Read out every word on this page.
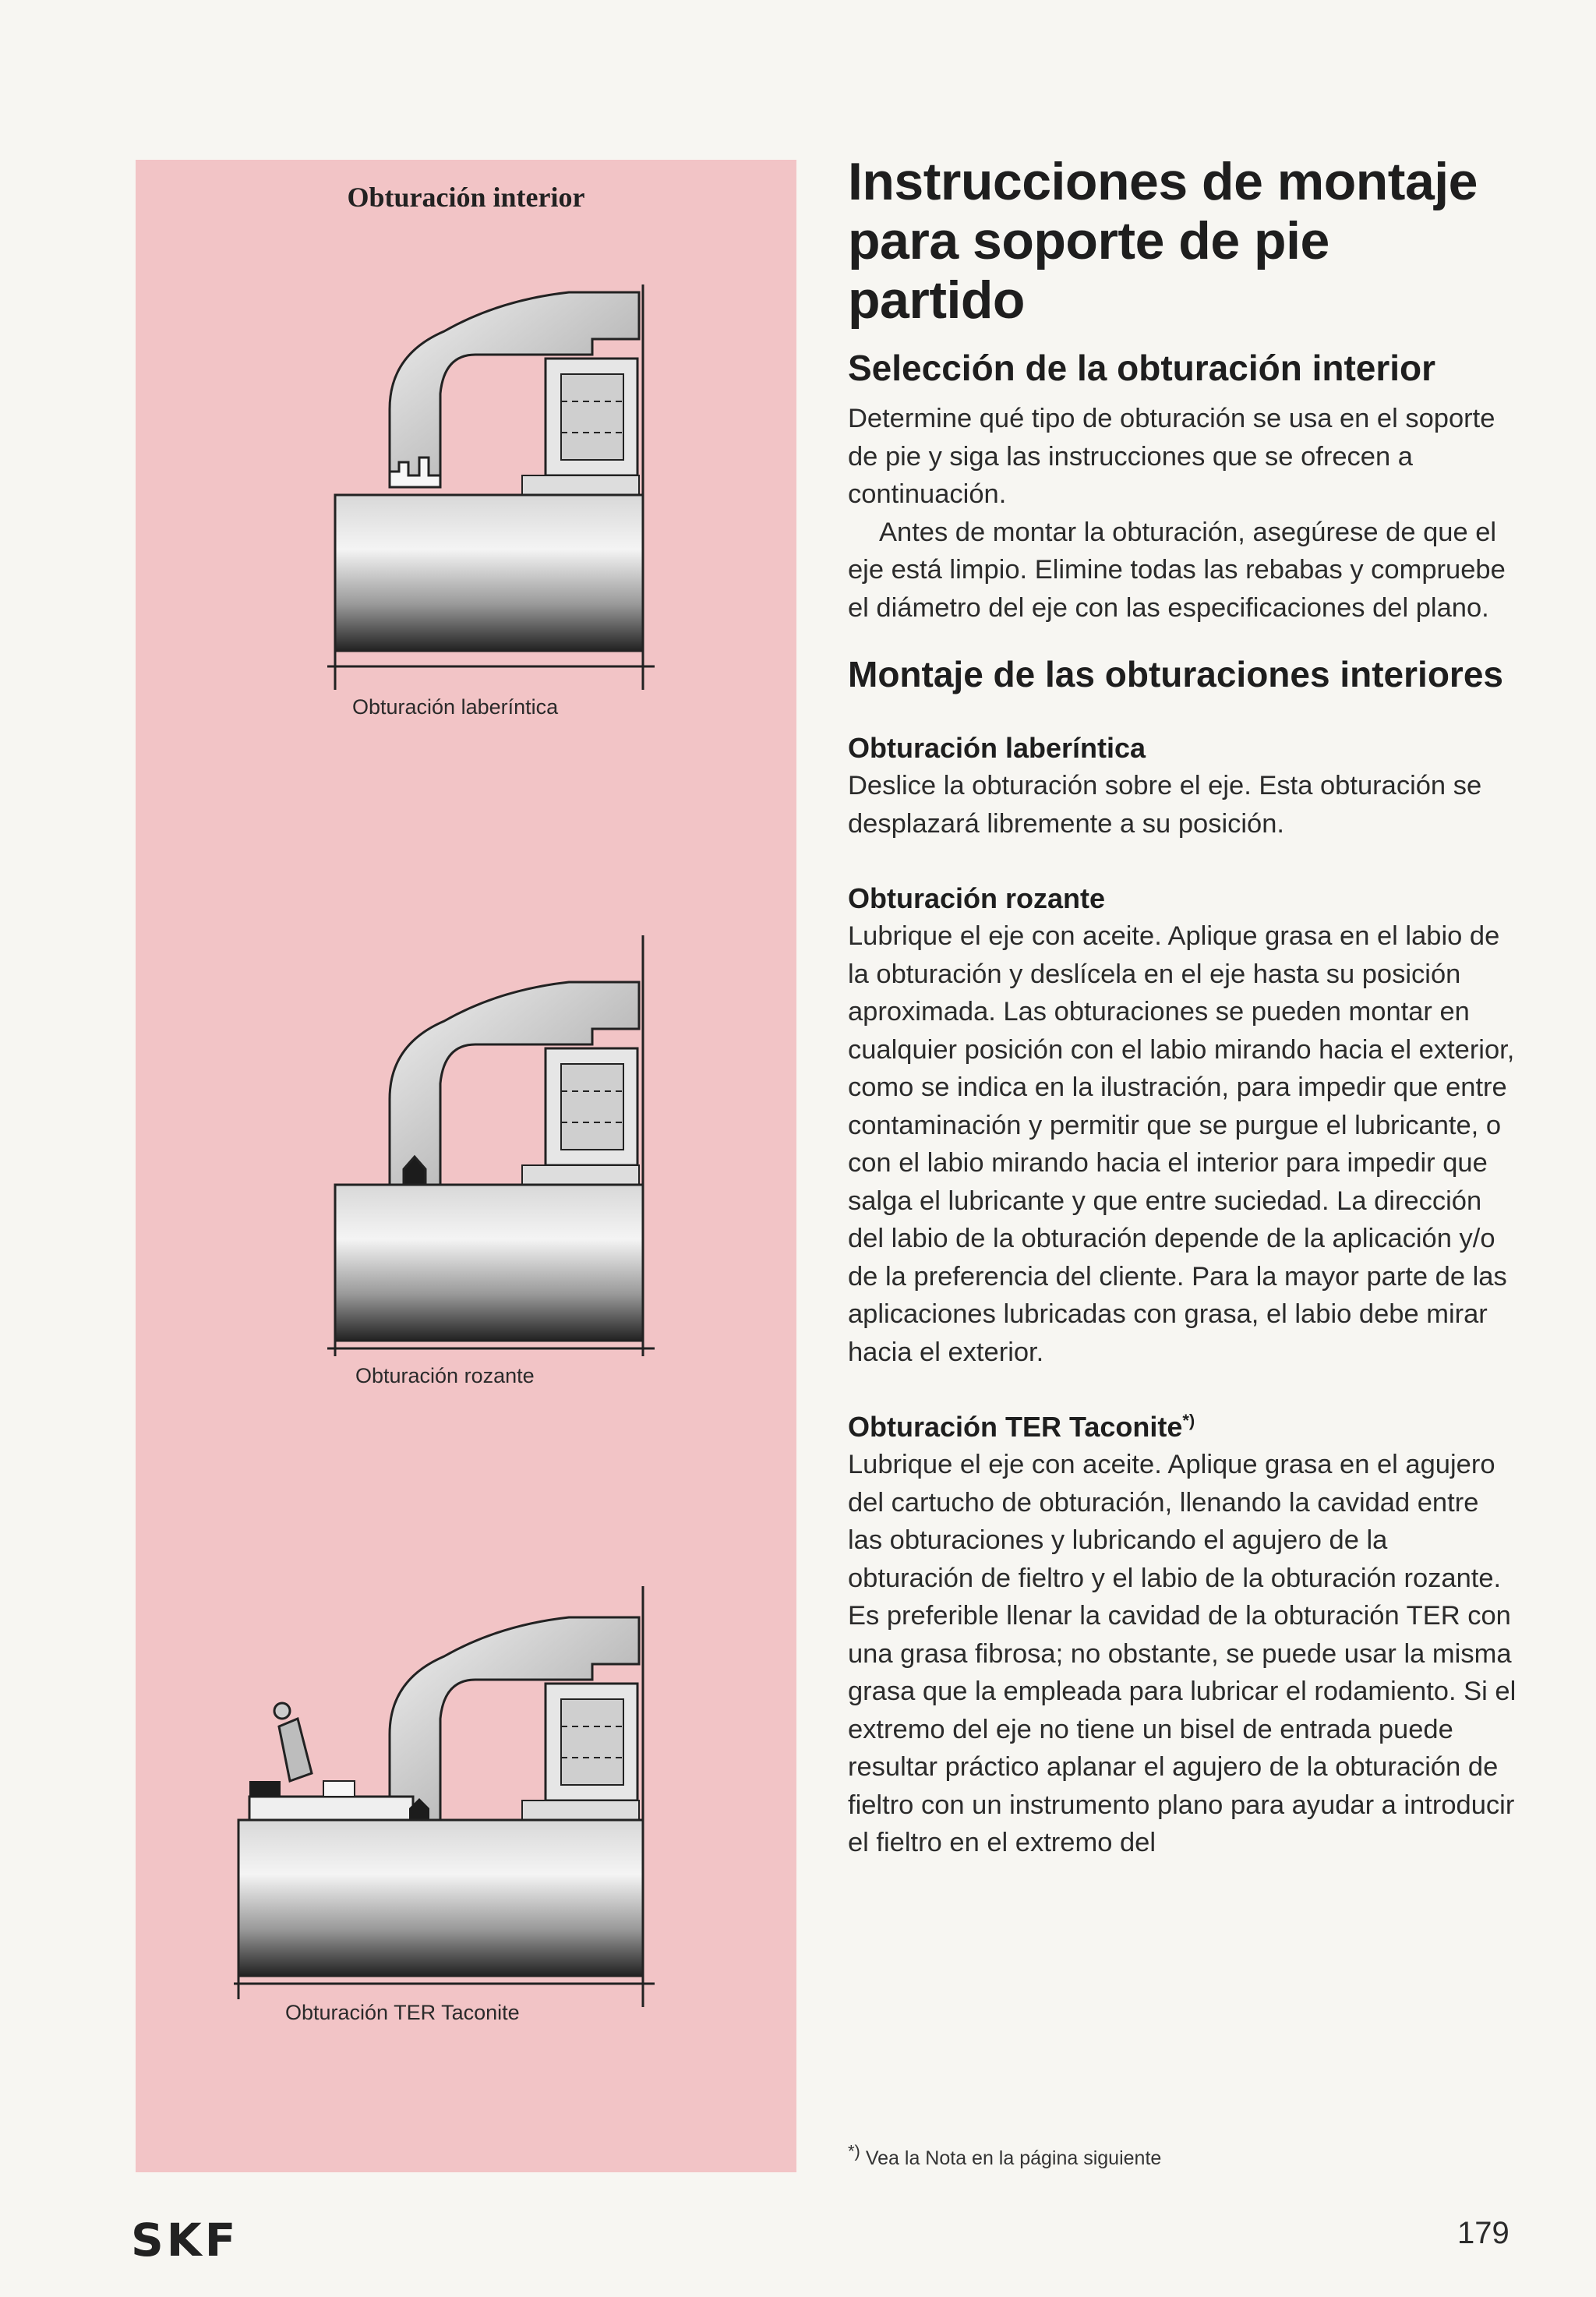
Obturación interior
Obturación laberíntica
Obturación rozante
Obturación TER Taconite
Instrucciones de montaje para soporte de pie partido
Selección de la obturación interior

Determine qué tipo de obturación se usa en el soporte de pie y siga las instrucciones que se ofrecen a continuación.

Antes de montar la obturación, asegúrese de que el eje está limpio. Elimine todas las rebabas y compruebe el diámetro del eje con las especificaciones del plano.

Montaje de las obturaciones interiores
Obturación laberíntica

Deslice la obturación sobre el eje. Esta obturación se desplazará libremente a su posición.

Obturación rozante

Lubrique el eje con aceite. Aplique grasa en el labio de la obturación y deslícela en el eje hasta su posición aproximada. Las obturaciones se pueden montar en cualquier posición con el labio mirando hacia el exterior, como se indica en la ilustración, para impedir que entre contaminación y permitir que se purgue el lubricante, o con el labio mirando hacia el interior para impedir que salga el lubricante y que entre suciedad. La dirección del labio de la obturación depende de la aplicación y/o de la preferencia del cliente. Para la mayor parte de las aplicaciones lubricadas con grasa, el labio debe mirar hacia el exterior.

Obturación TER Taconite*)

Lubrique el eje con aceite. Aplique grasa en el agujero del cartucho de obturación, llenando la cavidad entre las obturaciones y lubricando el agujero de la obturación de fieltro y el labio de la obturación rozante. Es preferible llenar la cavidad de la obturación TER con una grasa fibrosa; no obstante, se puede usar la misma grasa que la empleada para lubricar el rodamiento. Si el extremo del eje no tiene un bisel de entrada puede resultar práctico aplanar el agujero de la obturación de fieltro con un instrumento plano para ayudar a introducir el fieltro en el extremo del

*) Vea la Nota en la página siguiente
SKF	179
